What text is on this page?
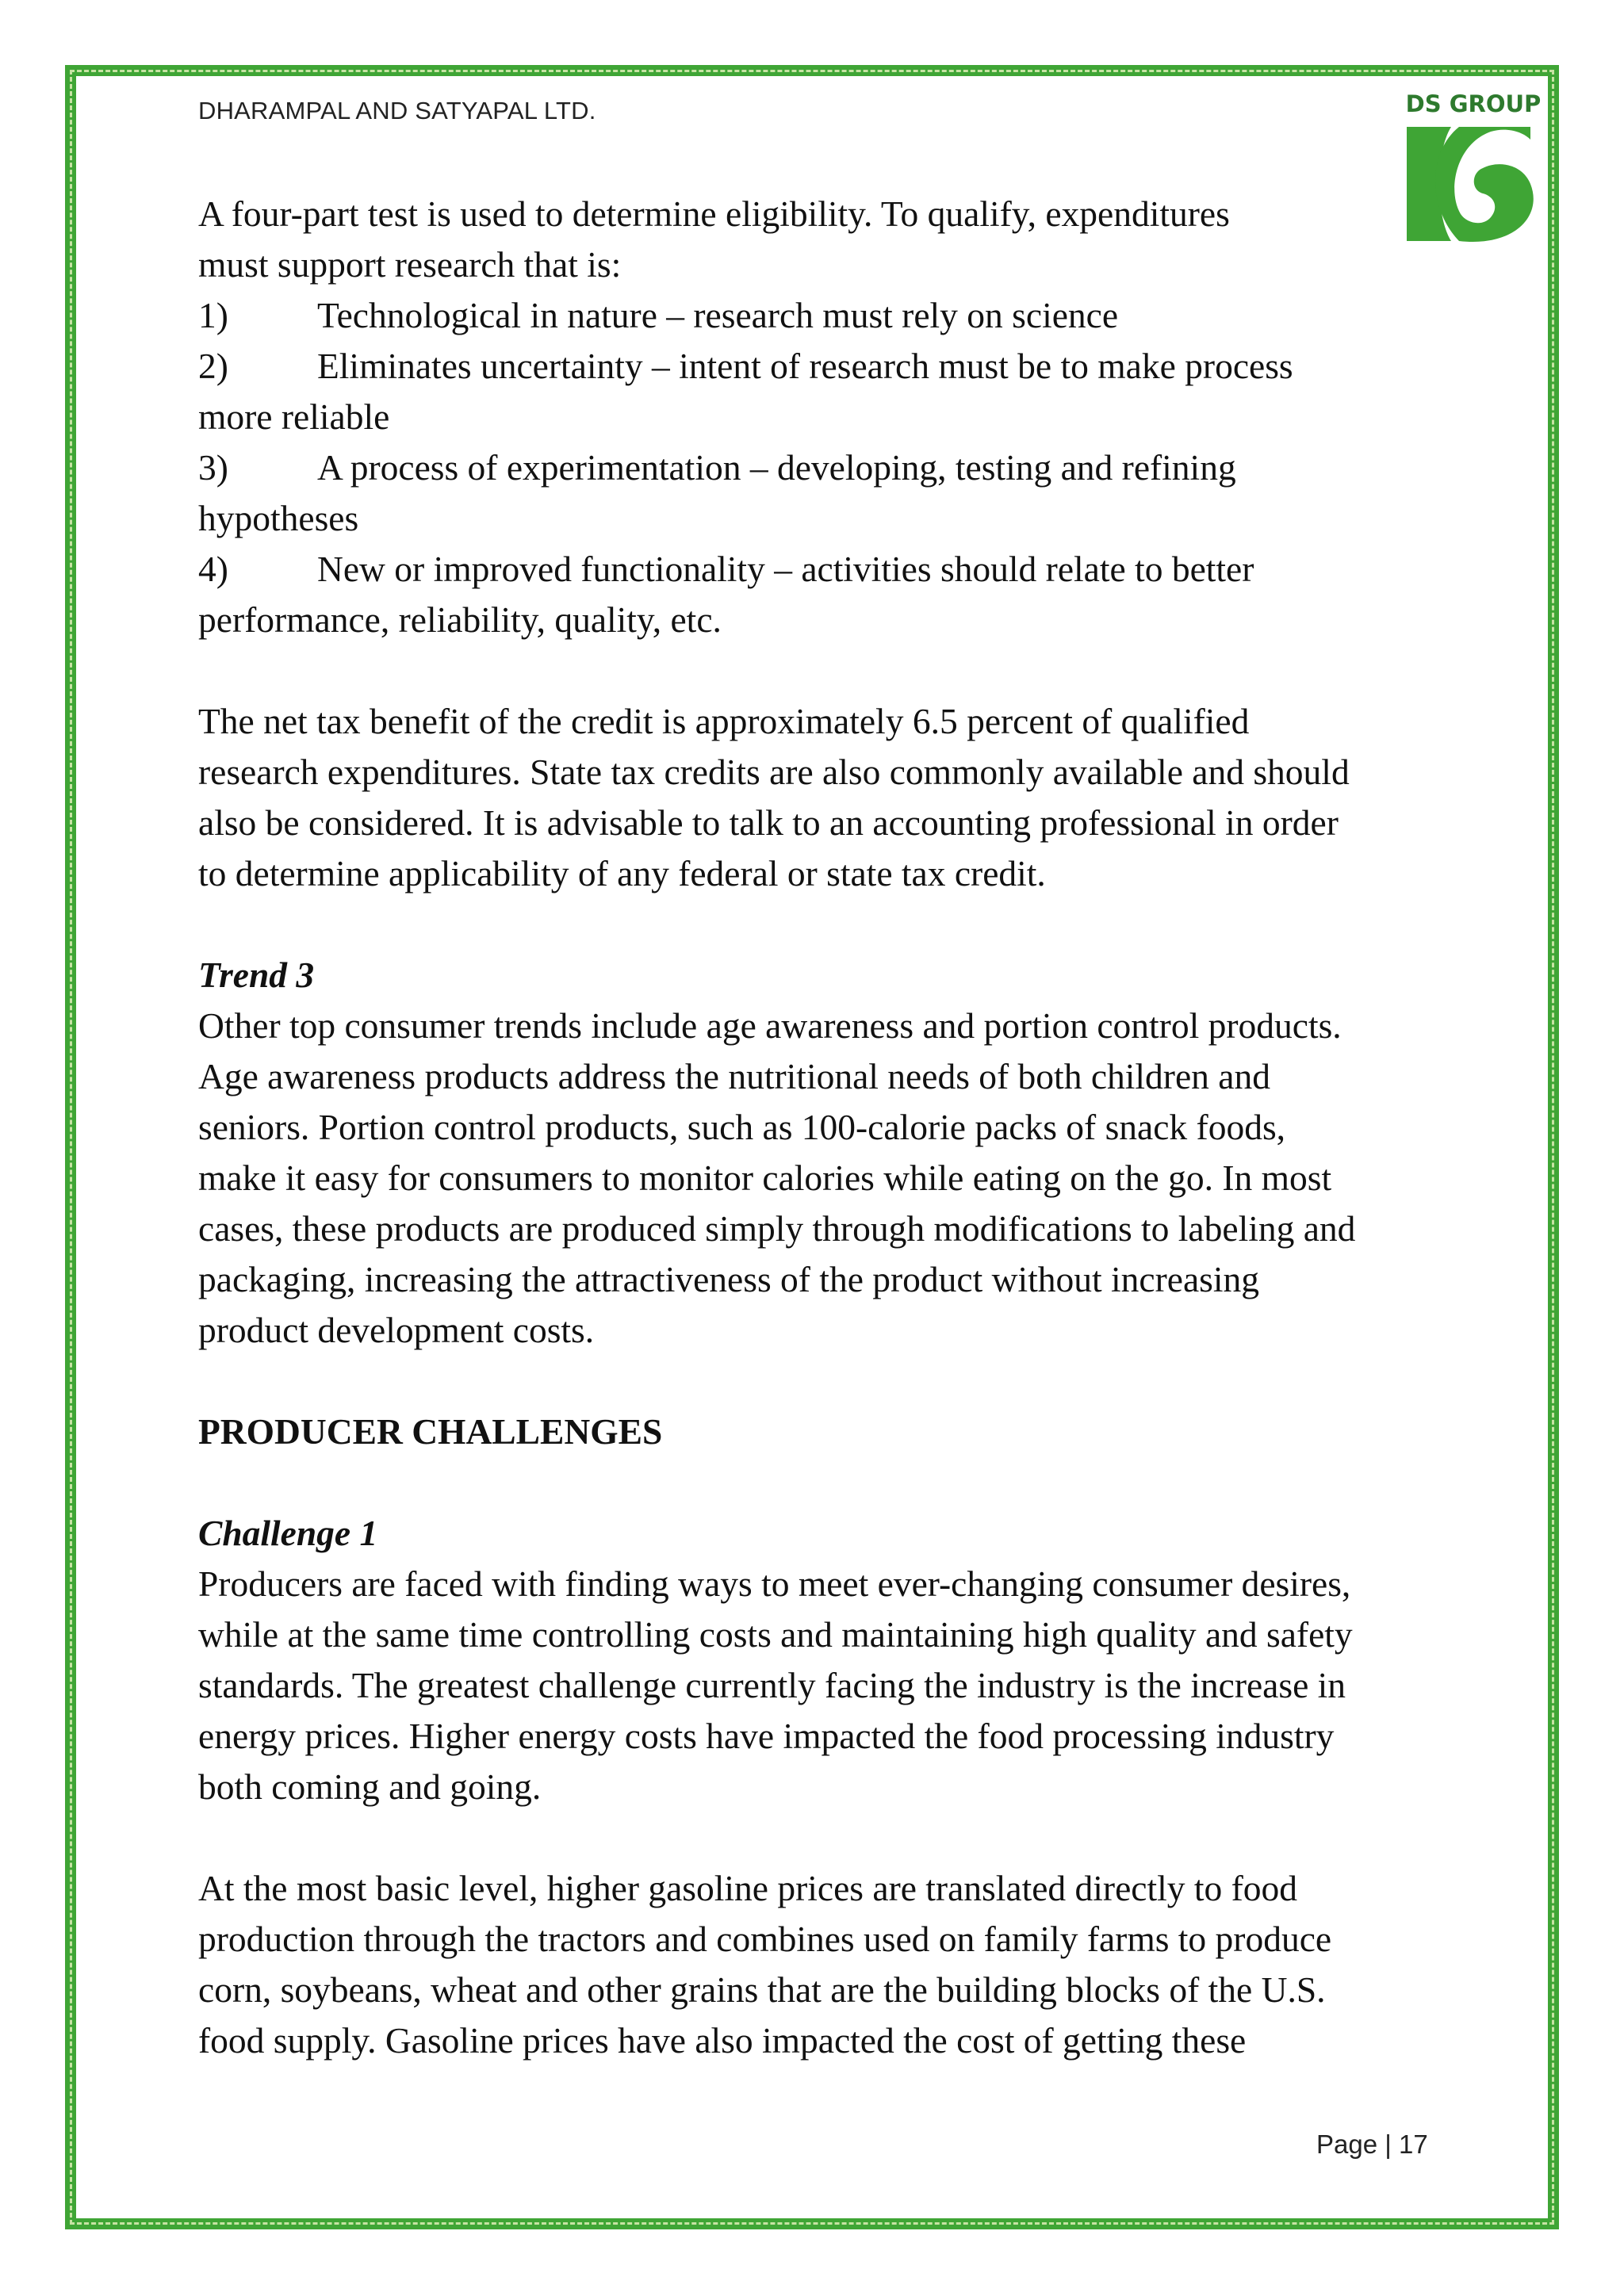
DHARAMPAL AND SATYAPAL LTD.	DS GROUP

A four-part test is used to determine eligibility. To qualify, expenditures

must support research that is:

1)	Technological in nature – research must rely on science
2)	Eliminates uncertainty – intent of research must be to make process

more reliable

3)	A process of experimentation – developing, testing and refining

hypotheses

4)	New or improved functionality – activities should relate to better

performance, reliability, quality, etc.

The net tax benefit of the credit is approximately 6.5 percent of qualified

research expenditures. State tax credits are also commonly available and should

also be considered. It is advisable to talk to an accounting professional in order

to determine applicability of any federal or state tax credit.

Trend 3

Other top consumer trends include age awareness and portion control products.

Age awareness products address the nutritional needs of both children and

seniors. Portion control products, such as 100-calorie packs of snack foods,

make it easy for consumers to monitor calories while eating on the go. In most

cases, these products are produced simply through modifications to labeling and

packaging, increasing the attractiveness of the product without increasing

product development costs.

PRODUCER CHALLENGES

Challenge 1

Producers are faced with finding ways to meet ever-changing consumer desires,

while at the same time controlling costs and maintaining high quality and safety

standards. The greatest challenge currently facing the industry is the increase in

energy prices. Higher energy costs have impacted the food processing industry

both coming and going.

At the most basic level, higher gasoline prices are translated directly to food

production through the tractors and combines used on family farms to produce

corn, soybeans, wheat and other grains that are the building blocks of the U.S.

food supply. Gasoline prices have also impacted the cost of getting these

Page | 17
